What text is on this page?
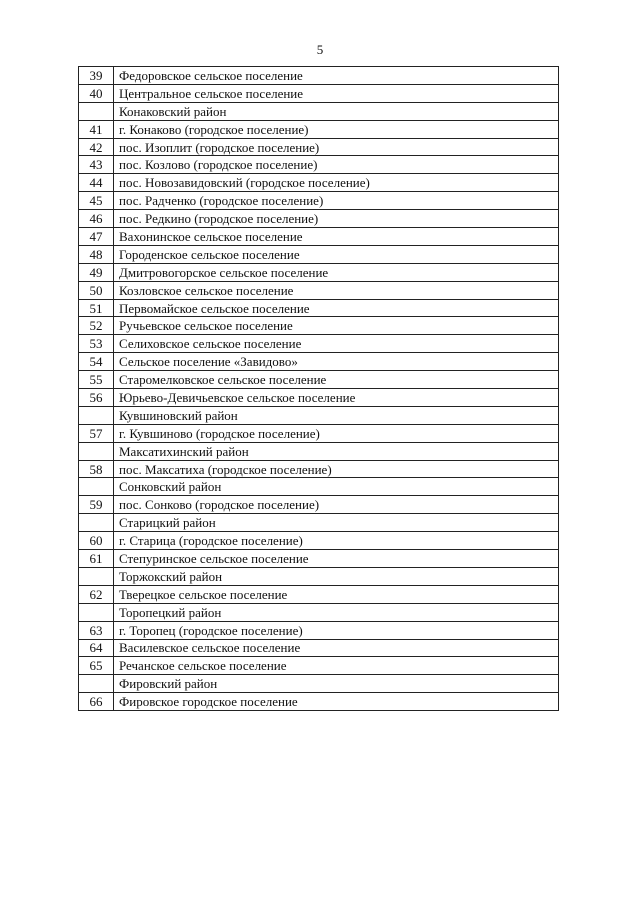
5
39	Федоровское сельское поселение
40	Центральное сельское поселение
	Конаковский район
41	г. Конаково (городское поселение)
42	пос. Изоплит (городское поселение)
43	пос. Козлово (городское поселение)
44	пос. Новозавидовский (городское поселение)
45	пос. Радченко (городское поселение)
46	пос. Редкино (городское поселение)
47	Вахонинское сельское поселение
48	Городенское сельское поселение
49	Дмитровогорское сельское поселение
50	Козловское сельское поселение
51	Первомайское сельское поселение
52	Ручьевское сельское поселение
53	Селиховское сельское поселение
54	Сельское поселение «Завидово»
55	Старомелковское сельское поселение
56	Юрьево-Девичьевское сельское поселение
	Кувшиновский район
57	г. Кувшиново (городское поселение)
	Максатихинский район
58	пос. Максатиха (городское поселение)
	Сонковский район
59	пос. Сонково (городское поселение)
	Старицкий район
60	г. Старица (городское поселение)
61	Степуринское сельское поселение
	Торжокский район
62	Тверецкое сельское поселение
	Торопецкий район
63	г. Торопец (городское поселение)
64	Василевское сельское поселение
65	Речанское сельское поселение
	Фировский район
66	Фировское городское поселение
